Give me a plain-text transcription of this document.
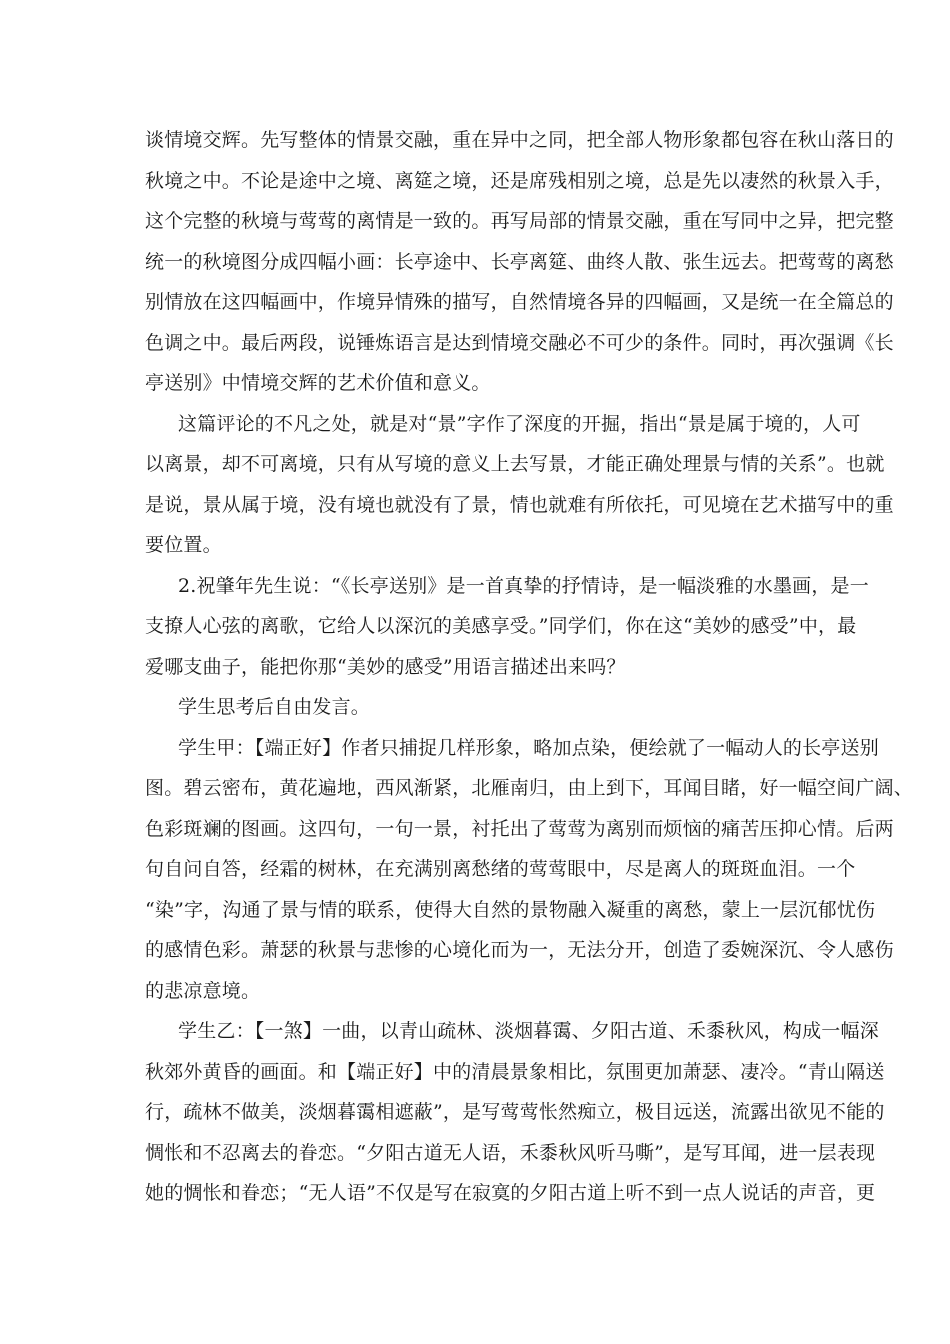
谈情境交辉。先写整体的情景交融，重在异中之同，把全部人物形象都包容在秋山落日的
秋境之中。不论是途中之境、离筵之境，还是席残相别之境，总是先以凄然的秋景入手，
这个完整的秋境与莺莺的离情是一致的。再写局部的情景交融，重在写同中之异，把完整
统一的秋境图分成四幅小画：长亭途中、长亭离筵、曲终人散、张生远去。把莺莺的离愁
别情放在这四幅画中，作境异情殊的描写，自然情境各异的四幅画，又是统一在全篇总的
色调之中。最后两段，说锤炼语言是达到情境交融必不可少的条件。同时，再次强调《长
亭送别》中情境交辉的艺术价值和意义。
这篇评论的不凡之处，就是对“景”字作了深度的开掘，指出“景是属于境的，人可
以离景，却不可离境，只有从写境的意义上去写景，才能正确处理景与情的关系”。也就
是说，景从属于境，没有境也就没有了景，情也就难有所依托，可见境在艺术描写中的重
要位置。
2.祝肇年先生说：“《长亭送别》是一首真挚的抒情诗，是一幅淡雅的水墨画，是一
支撩人心弦的离歌，它给人以深沉的美感享受。”同学们，你在这“美妙的感受”中，最
爱哪支曲子，能把你那“美妙的感受”用语言描述出来吗？
学生思考后自由发言。
学生甲：【端正好】作者只捕捉几样形象，略加点染，便绘就了一幅动人的长亭送别
图。碧云密布，黄花遍地，西风渐紧，北雁南归，由上到下，耳闻目睹，好一幅空间广阔、
色彩斑斓的图画。这四句，一句一景，衬托出了莺莺为离别而烦恼的痛苦压抑心情。后两
句自问自答，经霜的树林，在充满别离愁绪的莺莺眼中，尽是离人的斑斑血泪。一个
“染”字，沟通了景与情的联系，使得大自然的景物融入凝重的离愁，蒙上一层沉郁忧伤
的感情色彩。萧瑟的秋景与悲惨的心境化而为一，无法分开，创造了委婉深沉、令人感伤
的悲凉意境。
学生乙：【一煞】一曲，以青山疏林、淡烟暮霭、夕阳古道、禾黍秋风，构成一幅深
秋郊外黄昏的画面。和【端正好】中的清晨景象相比，氛围更加萧瑟、凄冷。“青山隔送
行，疏林不做美，淡烟暮霭相遮蔽”，是写莺莺怅然痴立，极目远送，流露出欲见不能的
惆怅和不忍离去的眷恋。“夕阳古道无人语，禾黍秋风听马嘶”，是写耳闻，进一层表现
她的惆怅和眷恋；“无人语”不仅是写在寂寞的夕阳古道上听不到一点人说话的声音，更
